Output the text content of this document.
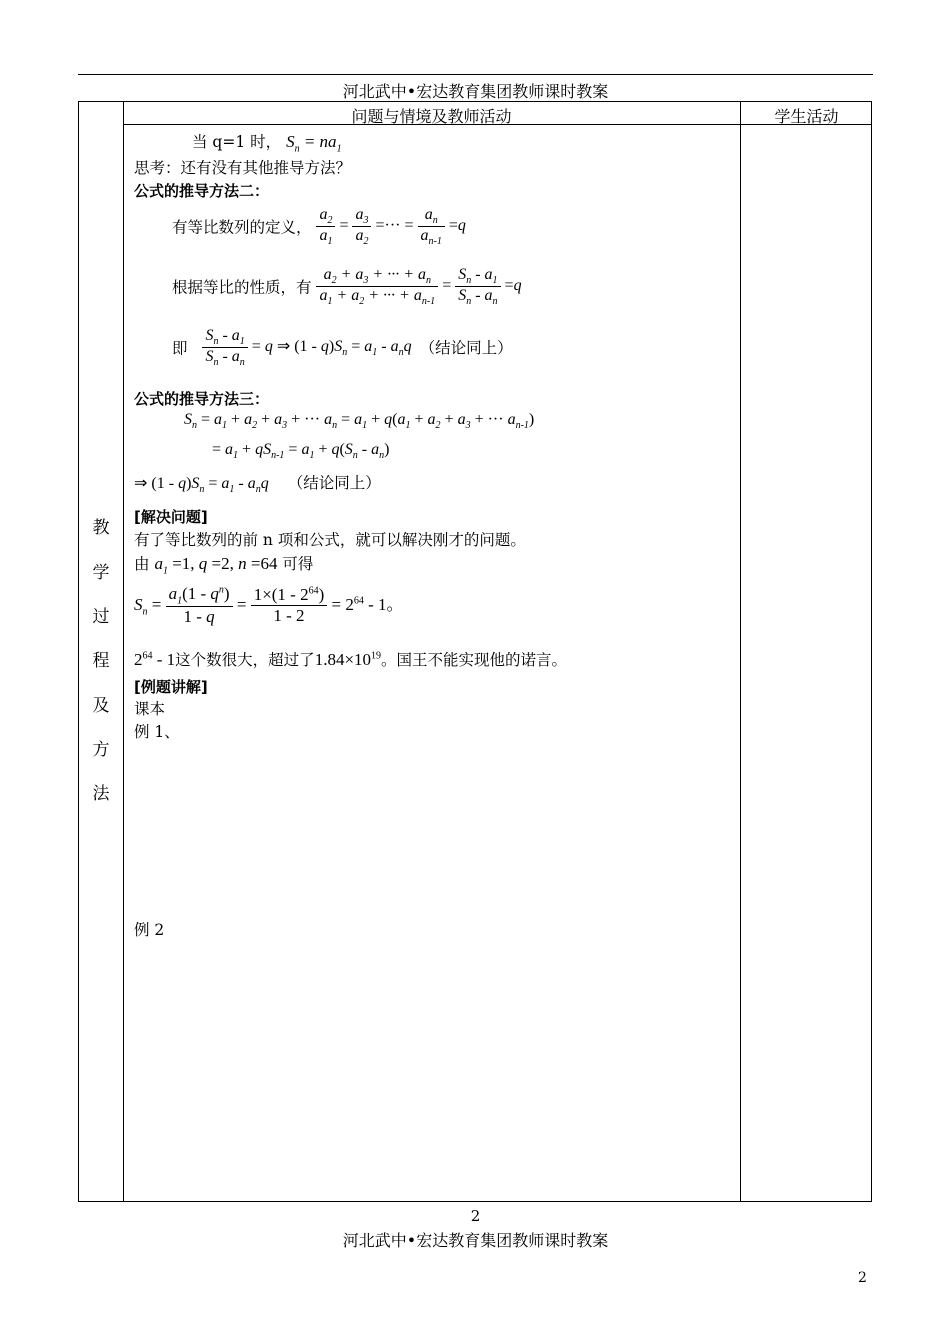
河北武中•宏达教育集团教师课时教案
问题与情境及教师活动	学生活动
教
学
过
程
及
方
法
当 q=1 时， $S_n = na_1$
思考：还有没有其他推导方法？
公式的推导方法二：
有等比数列的定义， $\frac{a_2}{a_1} = \frac{a_3}{a_2}$ =··· = $\frac{a_n}{a_{n-1}} =q$
根据等比的性质，有 $\frac{a_2 + a_3 + \cdot\cdot\cdot + a_n}{a_1 + a_2 + \cdot\cdot\cdot + a_{n-1}} = \frac{S_n - a_1}{S_n - a_n} =q$
即 $\frac{S_n - a_1}{S_n - a_n} = q$ ⇒ $(1 - q)S_n = a_1 - a_nq$ （结论同上）
公式的推导方法三：
$S_n = a_1 + a_2 + a_3$ + ··· $a_n = a_1 + q(a_1 + a_2 + a_3$ + ··· $a_{n-1}$)
= $a_1 + qS_{n-1} = a_1 + q(S_n - a_n)$
⇒ $(1 - q)S_n = a_1 - a_nq$ （结论同上）
[解决问题]
有了等比数列的前 n 项和公式，就可以解决刚才的问题。
由 $a_1 =1$, q =2, n =64 可得
$S_n = \frac{a_1(1 - q^n)}{1 - q} = \frac{1\times(1 - 2^{64})}{1 - 2} = 2^{64} - 1$。
$2^{64} - 1$这个数很大，超过了$1.84\times 10^{19}$。国王不能实现他的诺言。
[例题讲解]
课本
例 1、
例 2
2
河北武中•宏达教育集团教师课时教案
2
